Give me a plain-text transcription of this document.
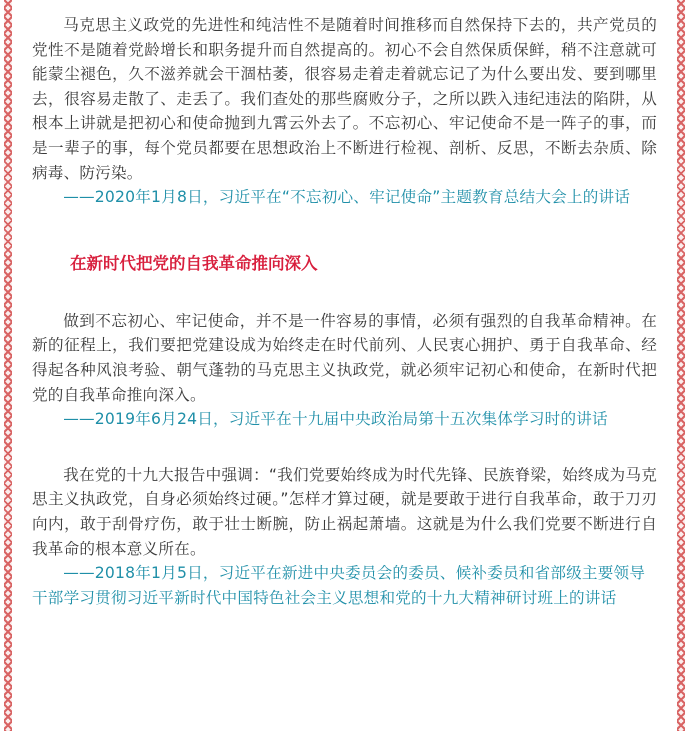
马克思主义政党的先进性和纯洁性不是随着时间推移而自然保持下去的，共产党员的党性不是随着党龄增长和职务提升而自然提高的。初心不会自然保质保鲜，稍不注意就可能蒙尘褪色，久不滋养就会干涸枯萎，很容易走着走着就忘记了为什么要出发、要到哪里去，很容易走散了、走丢了。我们查处的那些腐败分子，之所以跌入违纪违法的陷阱，从根本上讲就是把初心和使命抛到九霄云外去了。不忘初心、牢记使命不是一阵子的事，而是一辈子的事，每个党员都要在思想政治上不断进行检视、剖析、反思，不断去杂质、除病毒、防污染。

——2020年1月8日，习近平在“不忘初心、牢记使命”主题教育总结大会上的讲话

在新时代把党的自我革命推向深入

做到不忘初心、牢记使命，并不是一件容易的事情，必须有强烈的自我革命精神。在新的征程上，我们要把党建设成为始终走在时代前列、人民衷心拥护、勇于自我革命、经得起各种风浪考验、朝气蓬勃的马克思主义执政党，就必须牢记初心和使命，在新时代把党的自我革命推向深入。

——2019年6月24日，习近平在十九届中央政治局第十五次集体学习时的讲话

我在党的十九大报告中强调：“我们党要始终成为时代先锋、民族脊梁，始终成为马克思主义执政党，自身必须始终过硬。”怎样才算过硬，就是要敢于进行自我革命，敢于刀刃向内，敢于刮骨疗伤，敢于壮士断腕，防止祸起萧墙。这就是为什么我们党要不断进行自我革命的根本意义所在。

——2018年1月5日，习近平在新进中央委员会的委员、候补委员和省部级主要领导干部学习贯彻习近平新时代中国特色社会主义思想和党的十九大精神研讨班上的讲话
